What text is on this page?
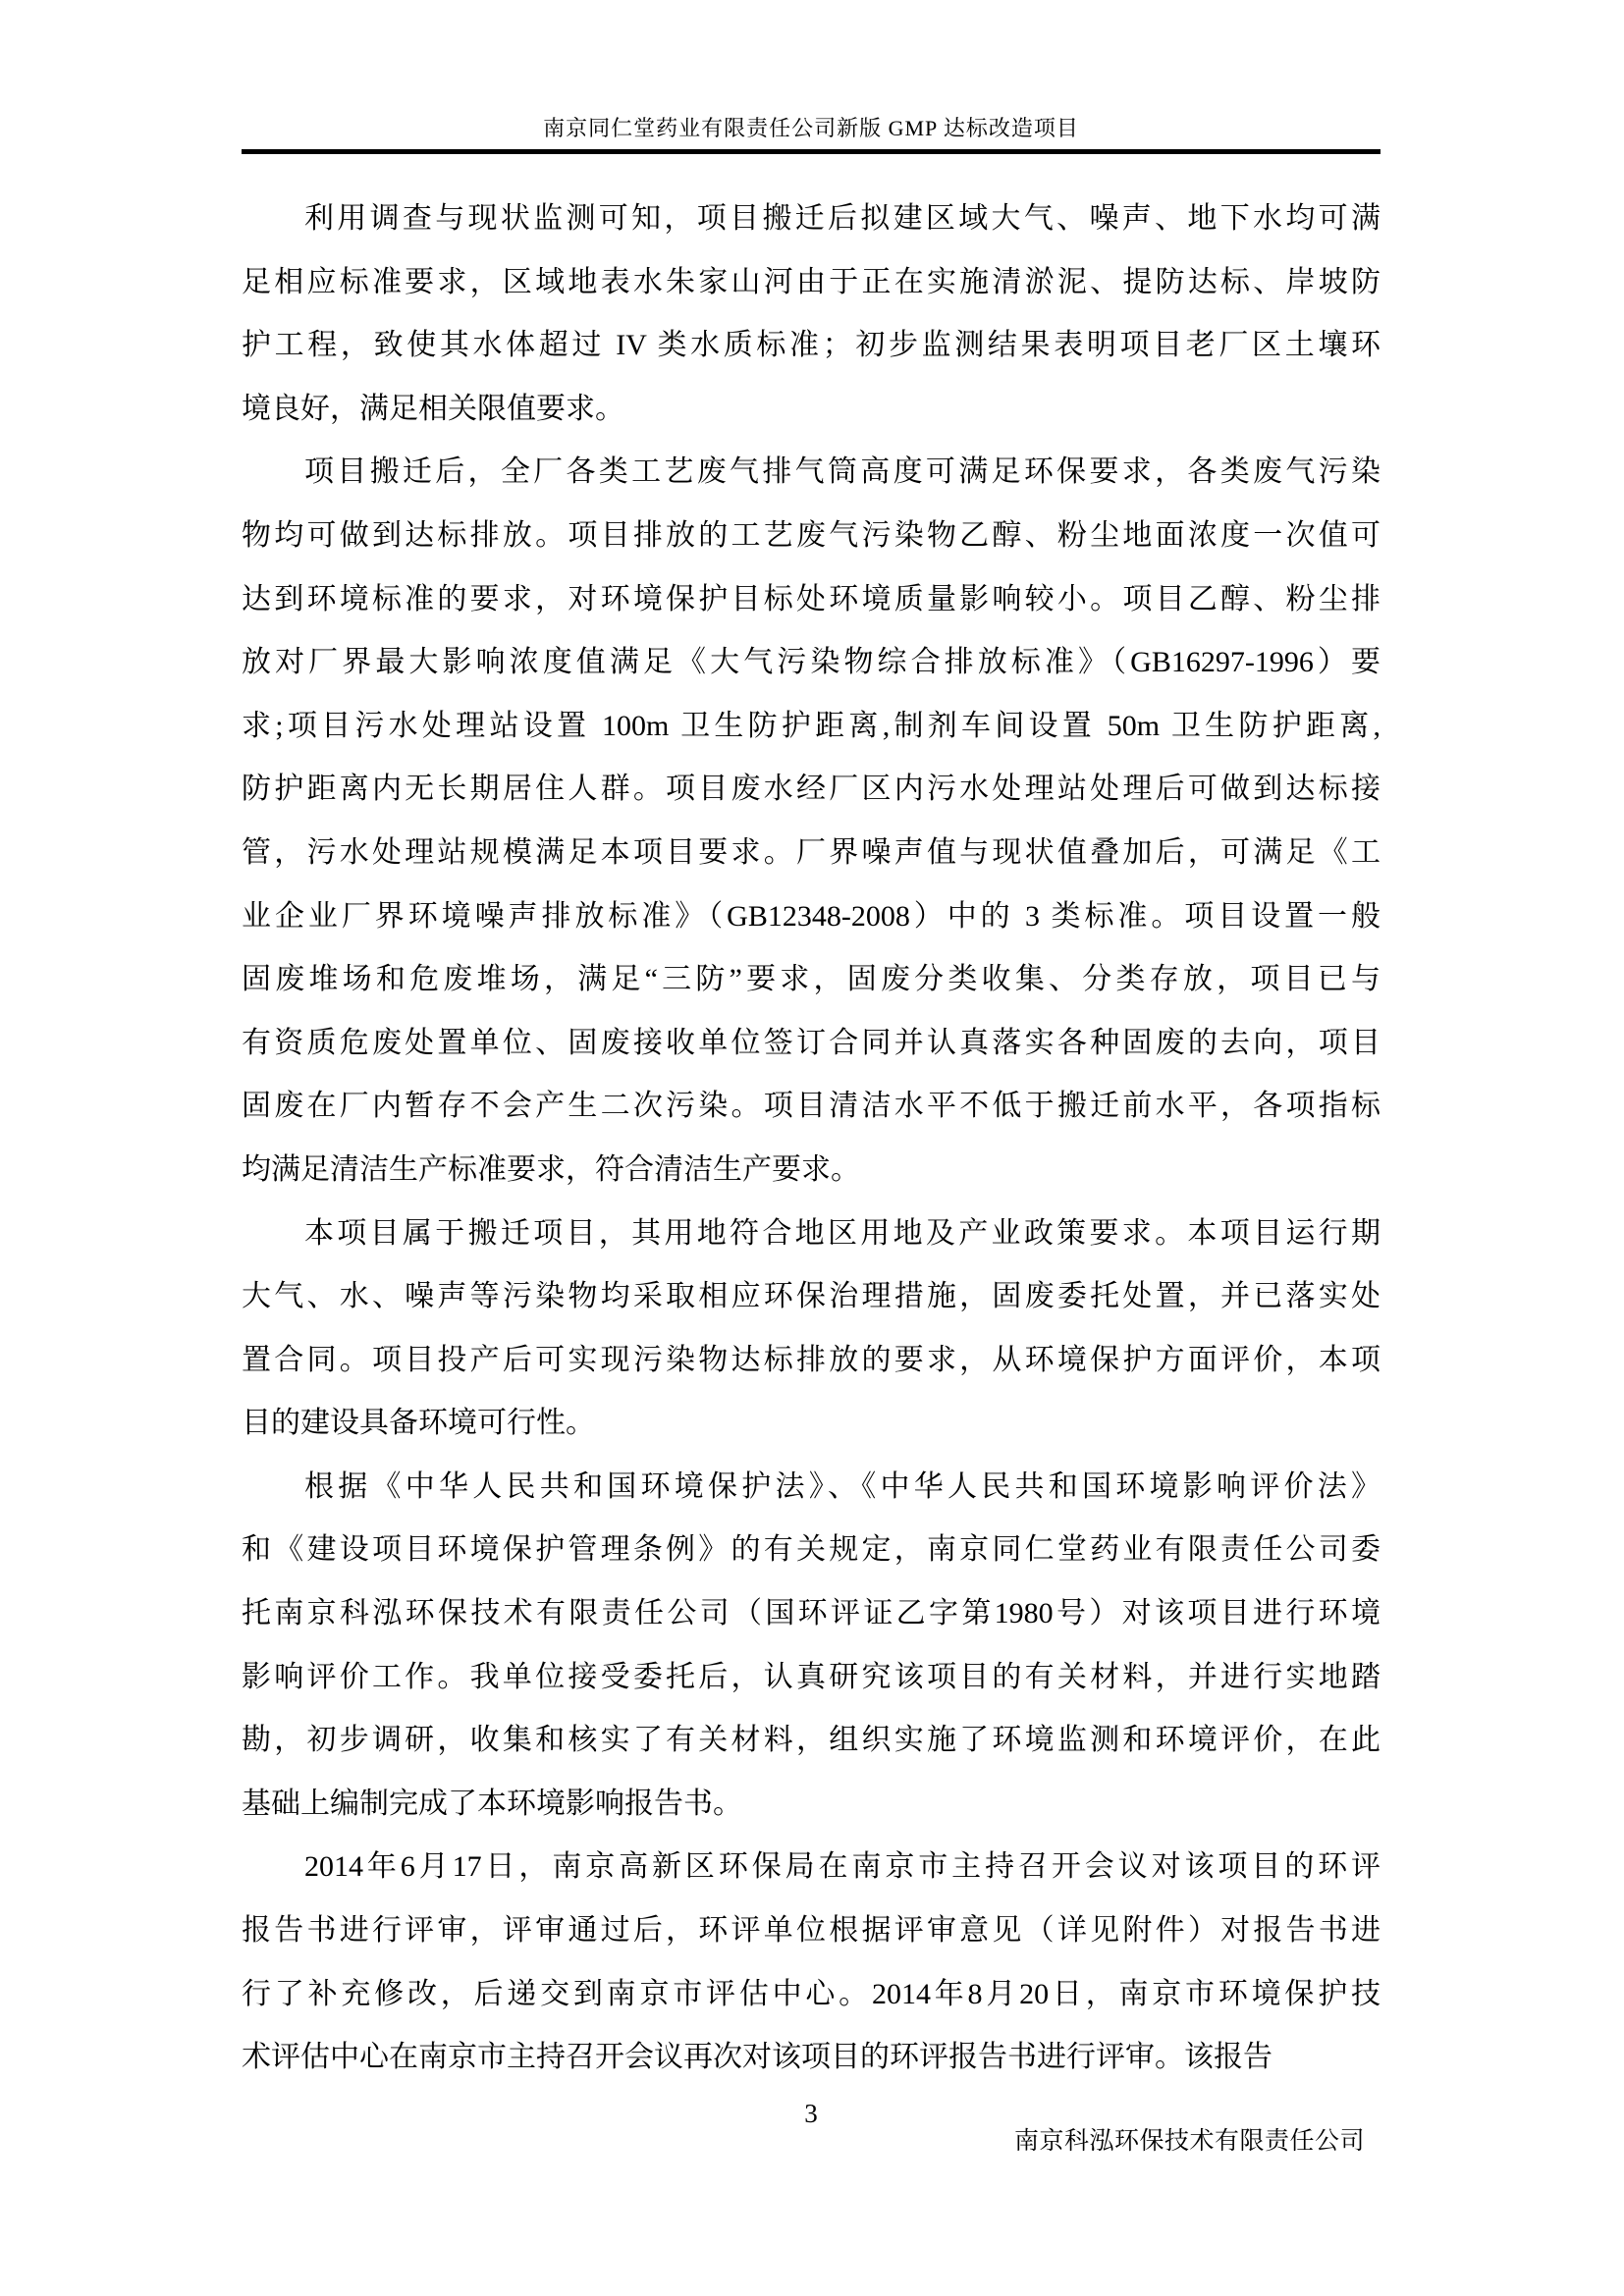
南京同仁堂药业有限责任公司新版 GMP 达标改造项目
利用调查与现状监测可知，项目搬迁后拟建区域大气、噪声、地下水均可满
足相应标准要求，区域地表水朱家山河由于正在实施清淤泥、提防达标、岸坡防
护工程，致使其水体超过 IV 类水质标准；初步监测结果表明项目老厂区土壤环
境良好，满足相关限值要求。
项目搬迁后，全厂各类工艺废气排气筒高度可满足环保要求，各类废气污染
物均可做到达标排放。项目排放的工艺废气污染物乙醇、粉尘地面浓度一次值可
达到环境标准的要求，对环境保护目标处环境质量影响较小。项目乙醇、粉尘排
放对厂界最大影响浓度值满足《大气污染物综合排放标准》（GB16297-1996）要
求;项目污水处理站设置 100m 卫生防护距离,制剂车间设置 50m 卫生防护距离,
防护距离内无长期居住人群。项目废水经厂区内污水处理站处理后可做到达标接
管，污水处理站规模满足本项目要求。厂界噪声值与现状值叠加后，可满足《工
业企业厂界环境噪声排放标准》（GB12348-2008）中的 3 类标准。项目设置一般
固废堆场和危废堆场，满足“三防”要求，固废分类收集、分类存放，项目已与
有资质危废处置单位、固废接收单位签订合同并认真落实各种固废的去向，项目
固废在厂内暂存不会产生二次污染。项目清洁水平不低于搬迁前水平，各项指标
均满足清洁生产标准要求，符合清洁生产要求。
本项目属于搬迁项目，其用地符合地区用地及产业政策要求。本项目运行期
大气、水、噪声等污染物均采取相应环保治理措施，固废委托处置，并已落实处
置合同。项目投产后可实现污染物达标排放的要求，从环境保护方面评价，本项
目的建设具备环境可行性。
根据《中华人民共和国环境保护法》、《中华人民共和国环境影响评价法》
和《建设项目环境保护管理条例》的有关规定，南京同仁堂药业有限责任公司委
托南京科泓环保技术有限责任公司（国环评证乙字第1980号）对该项目进行环境
影响评价工作。我单位接受委托后，认真研究该项目的有关材料，并进行实地踏
勘，初步调研，收集和核实了有关材料，组织实施了环境监测和环境评价，在此
基础上编制完成了本环境影响报告书。
2014年6月17日，南京高新区环保局在南京市主持召开会议对该项目的环评
报告书进行评审，评审通过后，环评单位根据评审意见（详见附件）对报告书进
行了补充修改，后递交到南京市评估中心。2014年8月20日，南京市环境保护技
术评估中心在南京市主持召开会议再次对该项目的环评报告书进行评审。该报告
3
南京科泓环保技术有限责任公司
